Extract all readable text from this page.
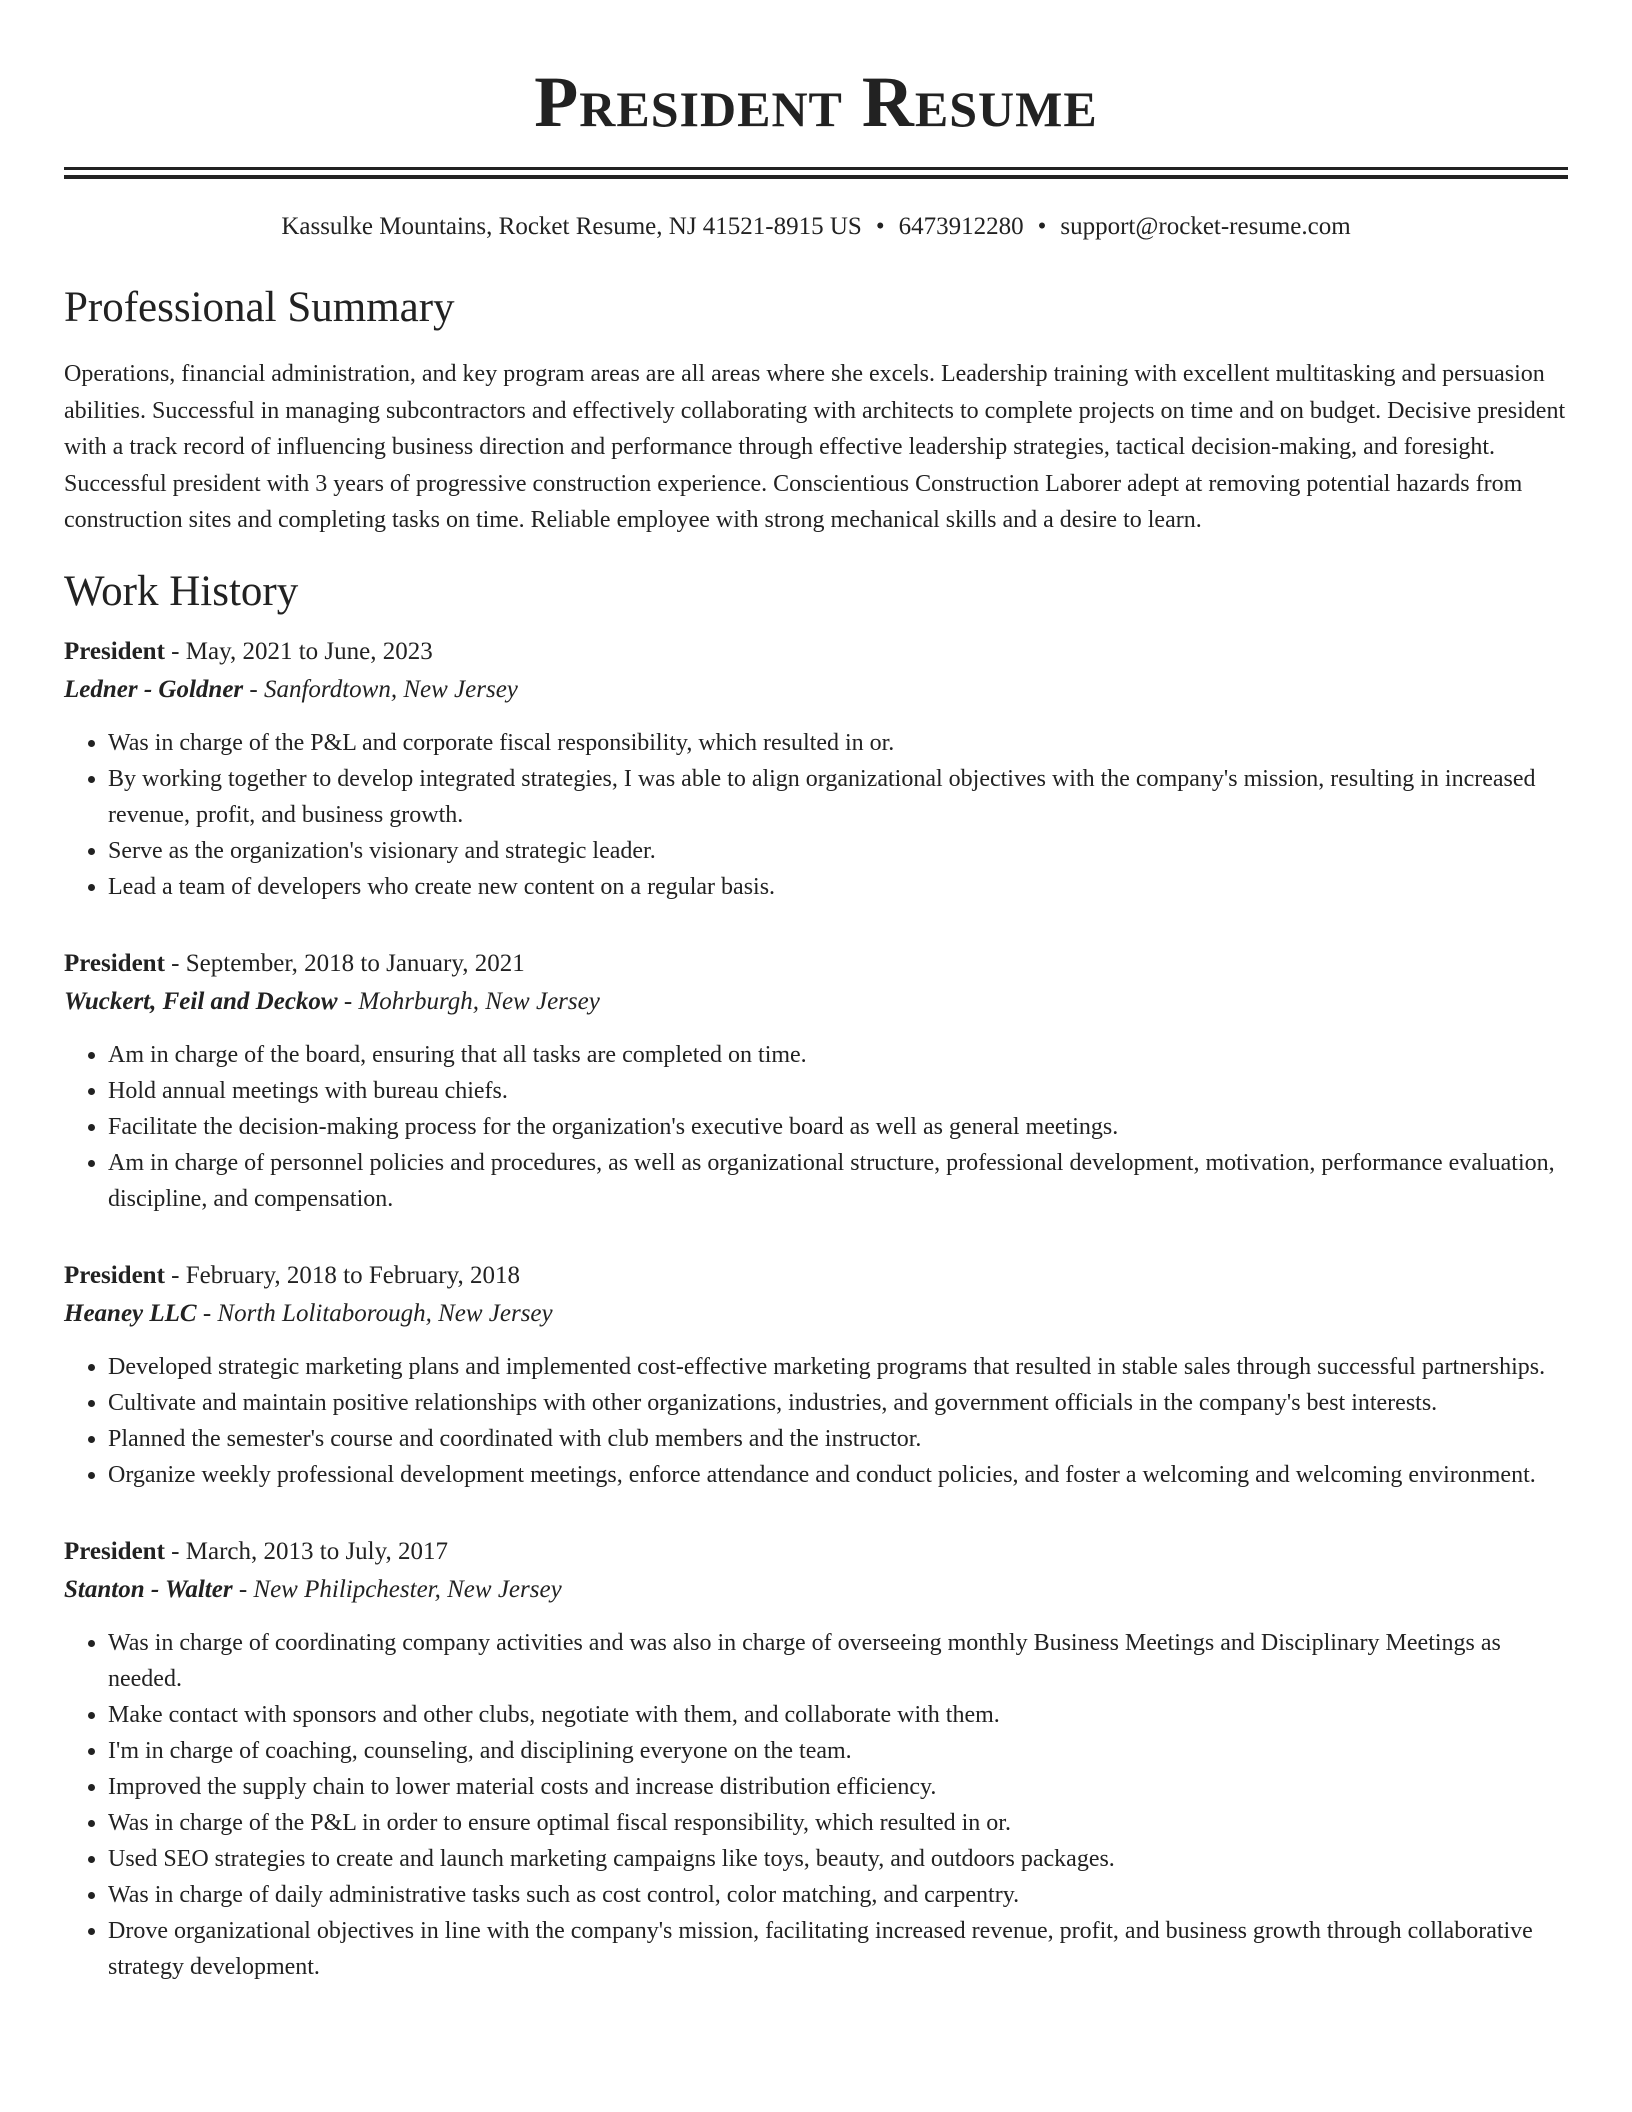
President Resume
Kassulke Mountains, Rocket Resume, NJ 41521-8915 US • 6473912280 • support@rocket-resume.com
Professional Summary

Operations, financial administration, and key program areas are all areas where she excels. Leadership training with excellent multitasking and persuasion abilities. Successful in managing subcontractors and effectively collaborating with architects to complete projects on time and on budget. Decisive president with a track record of influencing business direction and performance through effective leadership strategies, tactical decision-making, and foresight. Successful president with 3 years of progressive construction experience. Conscientious Construction Laborer adept at removing potential hazards from construction sites and completing tasks on time. Reliable employee with strong mechanical skills and a desire to learn.

Work History
President - May, 2021 to June, 2023
Ledner - Goldner - Sanfordtown, New Jersey
• Was in charge of the P&L and corporate fiscal responsibility, which resulted in or.
• By working together to develop integrated strategies, I was able to align organizational objectives with the company's mission, resulting in increased revenue, profit, and business growth.
• Serve as the organization's visionary and strategic leader.
• Lead a team of developers who create new content on a regular basis.
President - September, 2018 to January, 2021
Wuckert, Feil and Deckow - Mohrburgh, New Jersey
• Am in charge of the board, ensuring that all tasks are completed on time.
• Hold annual meetings with bureau chiefs.
• Facilitate the decision-making process for the organization's executive board as well as general meetings.
• Am in charge of personnel policies and procedures, as well as organizational structure, professional development, motivation, performance evaluation, discipline, and compensation.
President - February, 2018 to February, 2018
Heaney LLC - North Lolitaborough, New Jersey
• Developed strategic marketing plans and implemented cost-effective marketing programs that resulted in stable sales through successful partnerships.
• Cultivate and maintain positive relationships with other organizations, industries, and government officials in the company's best interests.
• Planned the semester's course and coordinated with club members and the instructor.
• Organize weekly professional development meetings, enforce attendance and conduct policies, and foster a welcoming and welcoming environment.
President - March, 2013 to July, 2017
Stanton - Walter - New Philipchester, New Jersey
• Was in charge of coordinating company activities and was also in charge of overseeing monthly Business Meetings and Disciplinary Meetings as needed.
• Make contact with sponsors and other clubs, negotiate with them, and collaborate with them.
• I'm in charge of coaching, counseling, and disciplining everyone on the team.
• Improved the supply chain to lower material costs and increase distribution efficiency.
• Was in charge of the P&L in order to ensure optimal fiscal responsibility, which resulted in or.
• Used SEO strategies to create and launch marketing campaigns like toys, beauty, and outdoors packages.
• Was in charge of daily administrative tasks such as cost control, color matching, and carpentry.
• Drove organizational objectives in line with the company's mission, facilitating increased revenue, profit, and business growth through collaborative strategy development.
